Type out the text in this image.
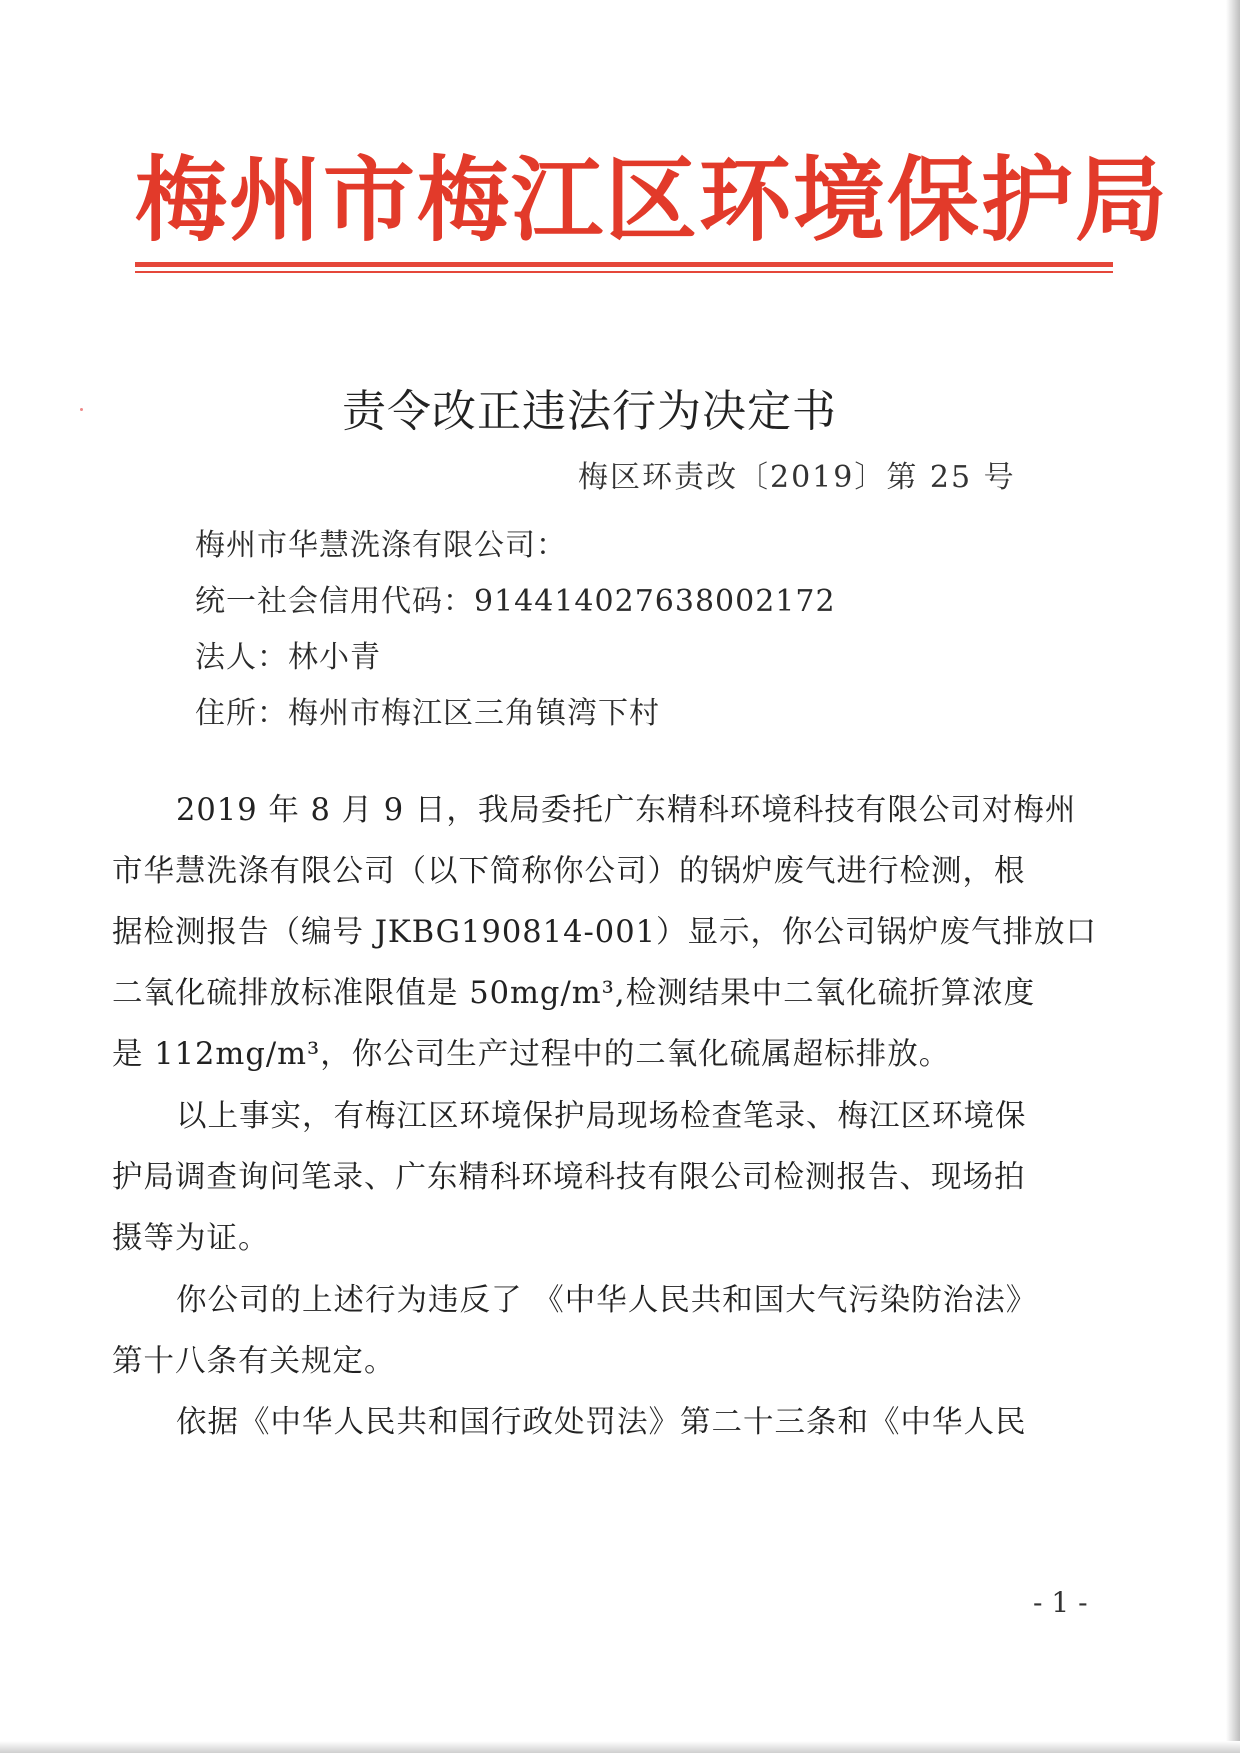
梅州市梅江区环境保护局
责令改正违法行为决定书
梅区环责改〔2019〕第 25 号
梅州市华慧洗涤有限公司：
统一社会信用代码：914414027638002172
法人：林小青
住所：梅州市梅江区三角镇湾下村
2019 年 8 月 9 日，我局委托广东精科环境科技有限公司对梅州
市华慧洗涤有限公司（以下简称你公司）的锅炉废气进行检测，根
据检测报告（编号 JKBG190814-001）显示，你公司锅炉废气排放口
二氧化硫排放标准限值是 50mg/m³,检测结果中二氧化硫折算浓度
是 112mg/m³，你公司生产过程中的二氧化硫属超标排放。
以上事实，有梅江区环境保护局现场检查笔录、梅江区环境保
护局调查询问笔录、广东精科环境科技有限公司检测报告、现场拍
摄等为证。
你公司的上述行为违反了 《中华人民共和国大气污染防治法》
第十八条有关规定。
依据《中华人民共和国行政处罚法》第二十三条和《中华人民
- 1 -
